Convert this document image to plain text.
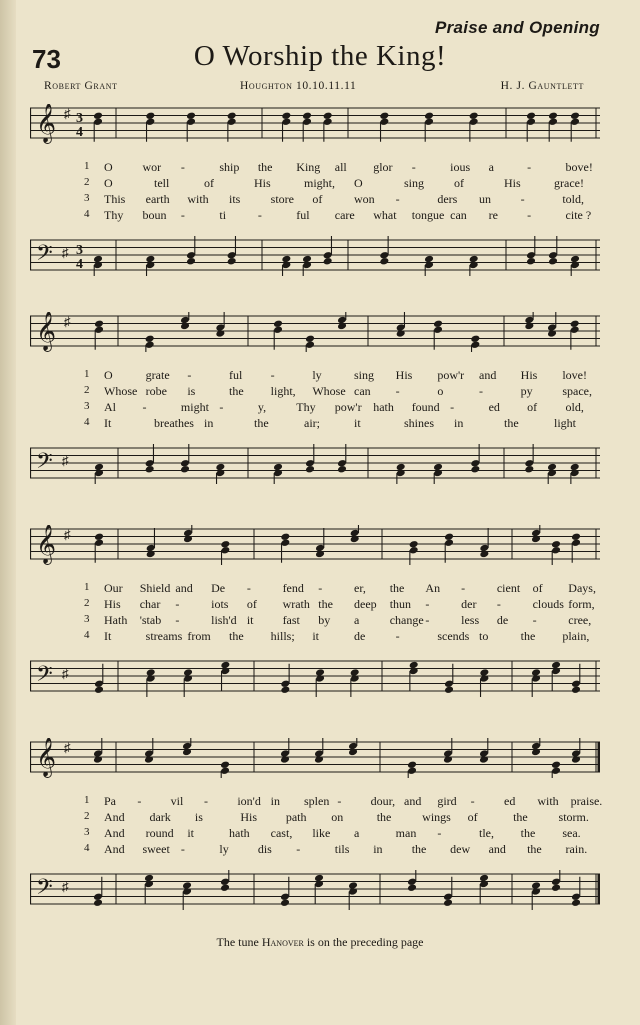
Praise and Opening
73	O Worship the King!
Robert Grant	Houghton 10.10.11.11	H. J. Gauntlett
𝄞 ♯ 3
4
1 O wor -	ship the King all glor -	ious a	-	bove!
2 O	tell	of	His	might, O	sing of	His	grace!
3 This earth with its	store of	won -	ders un -	told,
4 Thy boun -	ti	-	ful care what tongue can re -	cite ?
𝄢 ♯ 3
4
𝄞 ♯
1 O	grate -	ful -	ly	sing His pow'r and His love!
2 Whose robe is	the light, Whose can -	o	-	py space,
3 Al -	might -	y,	Thy pow'r hath found -	ed of old,
4 It	breathes in	the	air;	it	shines in	the	light
𝄢 ♯
𝄞 ♯
1 Our Shield and De -	fend -	er, the An -	cient of Days,
2 His char -	iots of wrath the deep thun -	der -	clouds form,
3 Hath 'stab -	lish'd it fast by a	change -	less de -	cree,
4 It	streams from the hills; it	de	-	scends to	the plain,
𝄢 ♯
𝄞 ♯
1 Pa - vil - ion'd in splen - dour, and gird - ed with praise.
2 And dark is	His path on	the	wings of	the	storm.
3 And round it	hath cast, like a	man -	tle, the sea.
4 And sweet -	ly dis -	tils in the dew and the rain.
𝄢 ♯
The tune Hanover is on the preceding page
